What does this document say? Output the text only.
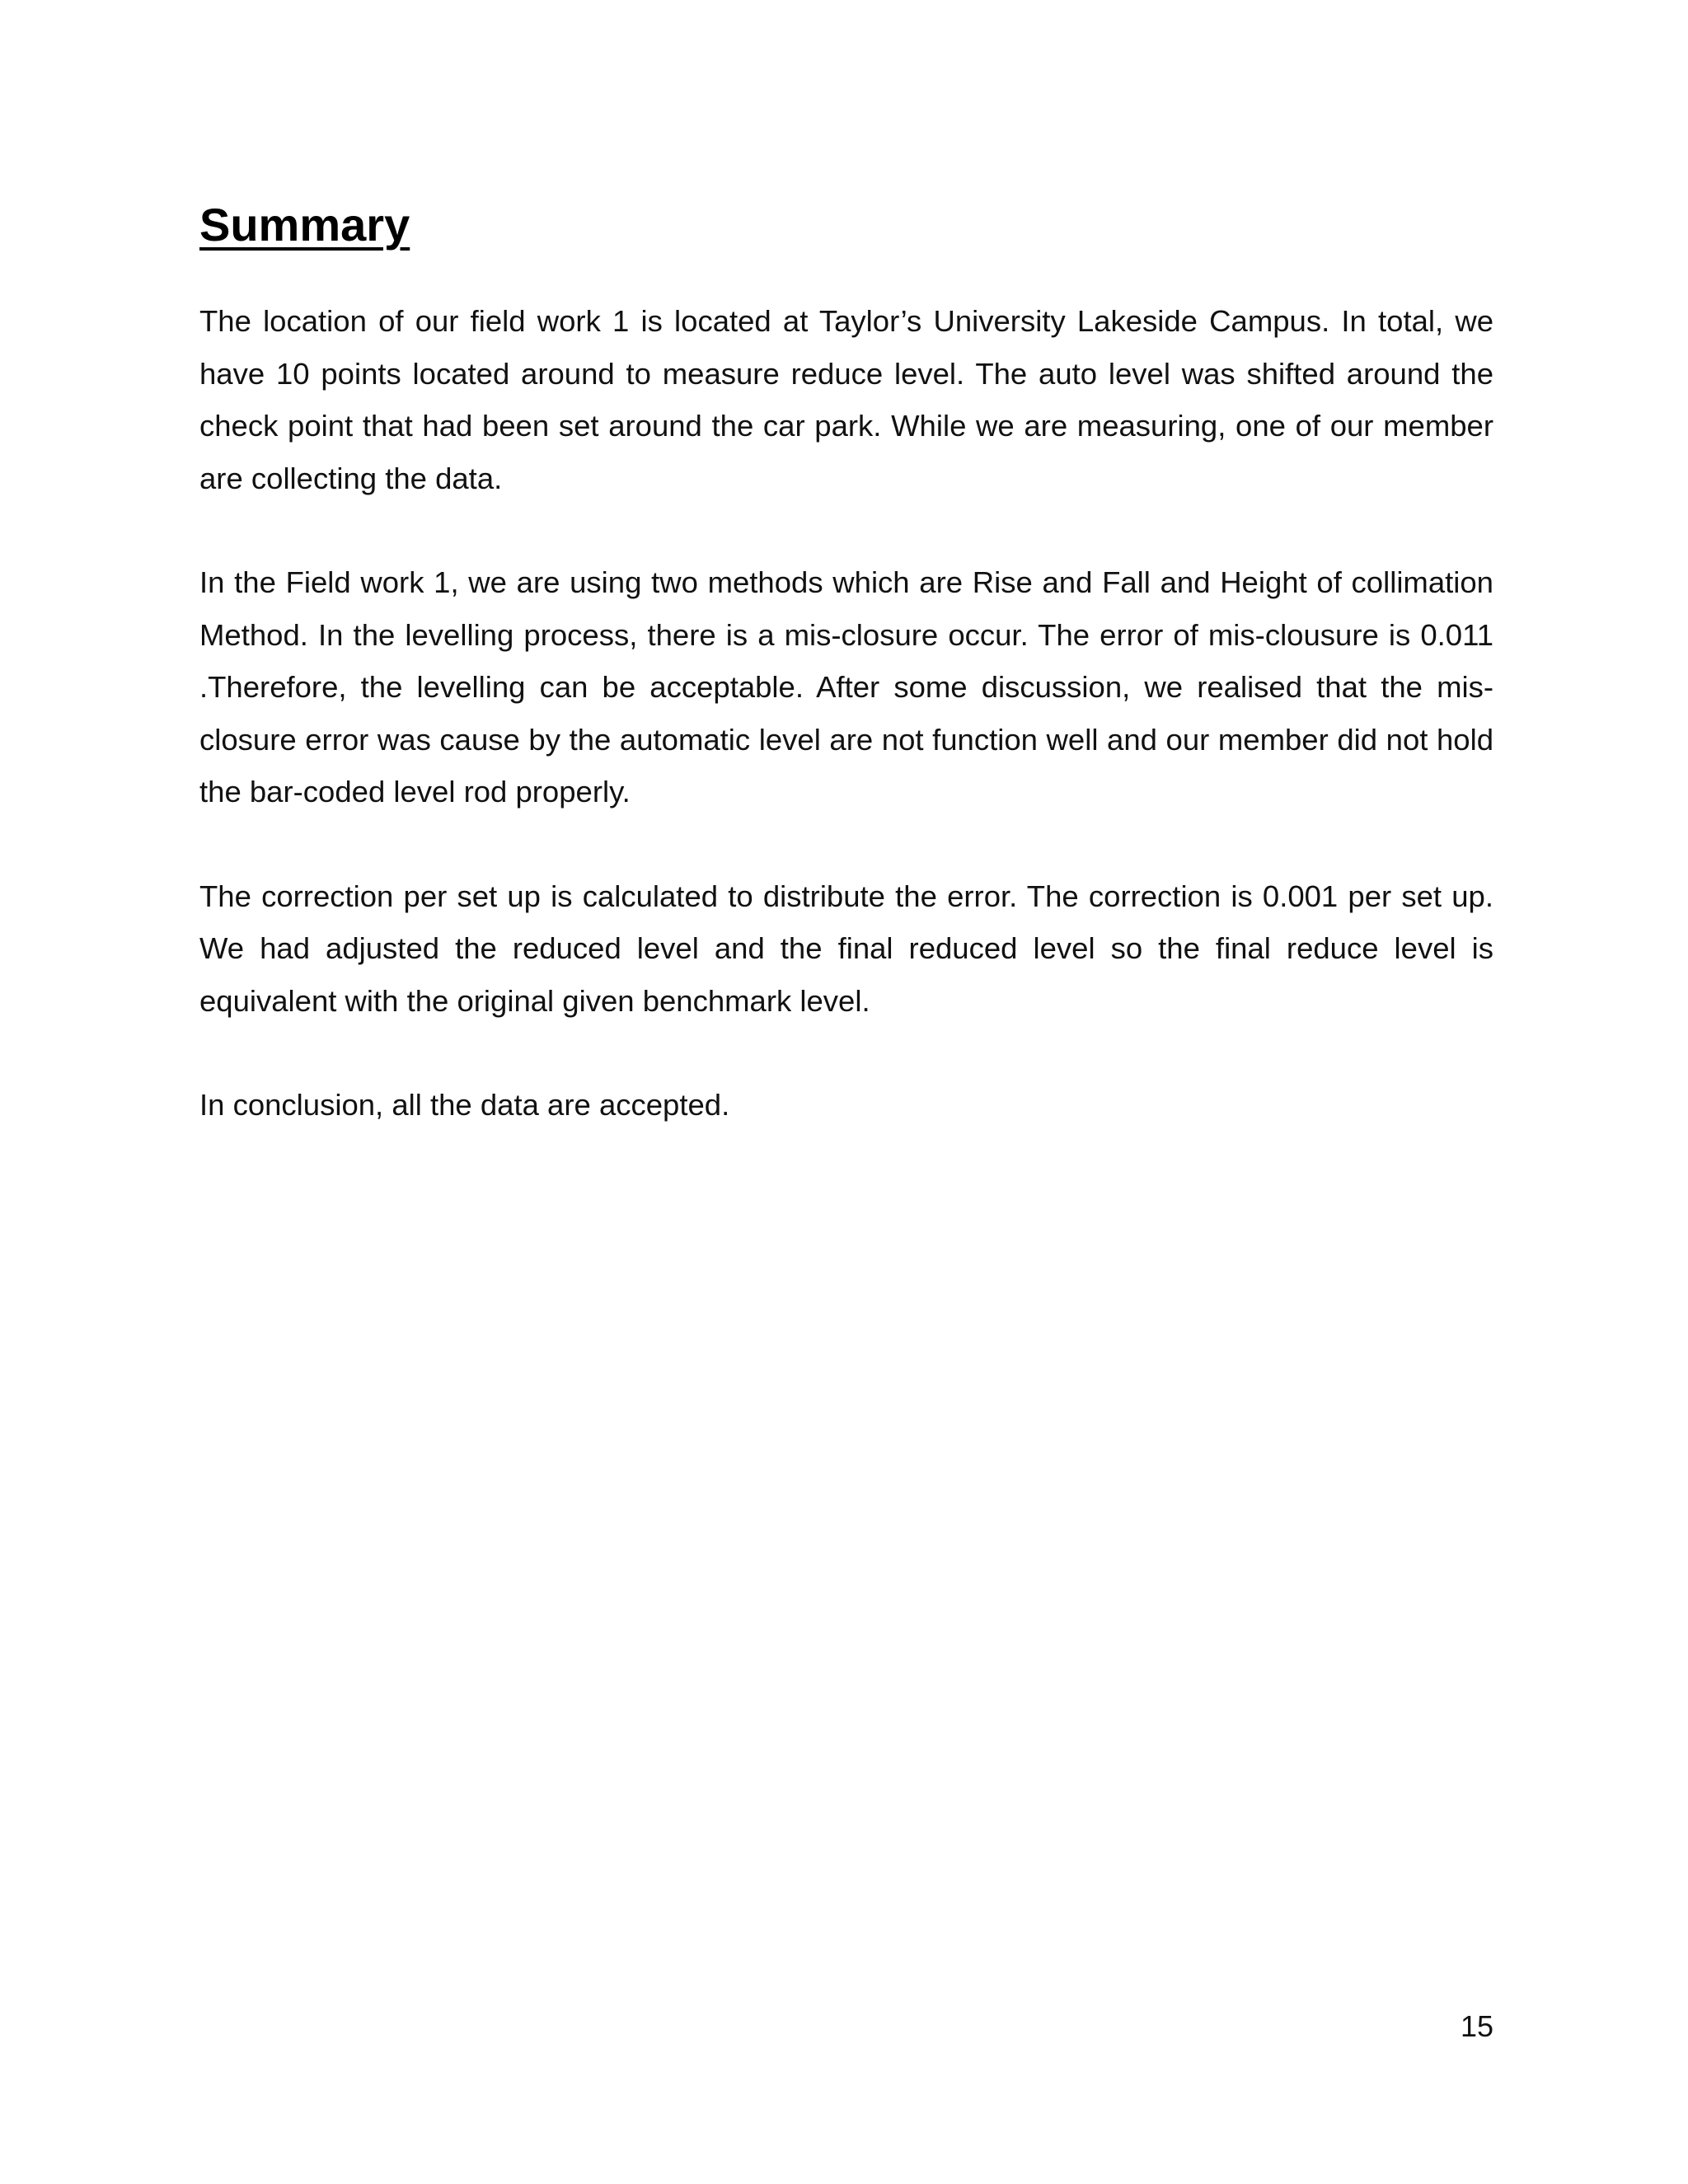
Summary

The location of our field work 1 is located at Taylor’s University Lakeside Campus. In total, we have 10 points located around to measure reduce level. The auto level was shifted around the check point that had been set around the car park. While we are measuring, one of our member are collecting the data.

In the Field work 1, we are using two methods which are Rise and Fall and Height of collimation Method. In the levelling process, there is a mis-closure occur. The error of mis-clousure is 0.011 .Therefore, the levelling can be acceptable. After some discussion, we realised that the mis-closure error was cause by the automatic level are not function well and our member did not hold the bar-coded level rod properly.

The correction per set up is calculated to distribute the error. The correction is 0.001 per set up. We had adjusted the reduced level and the final reduced level so the final reduce level is equivalent with the original given benchmark level.

In conclusion, all the data are accepted.

15
